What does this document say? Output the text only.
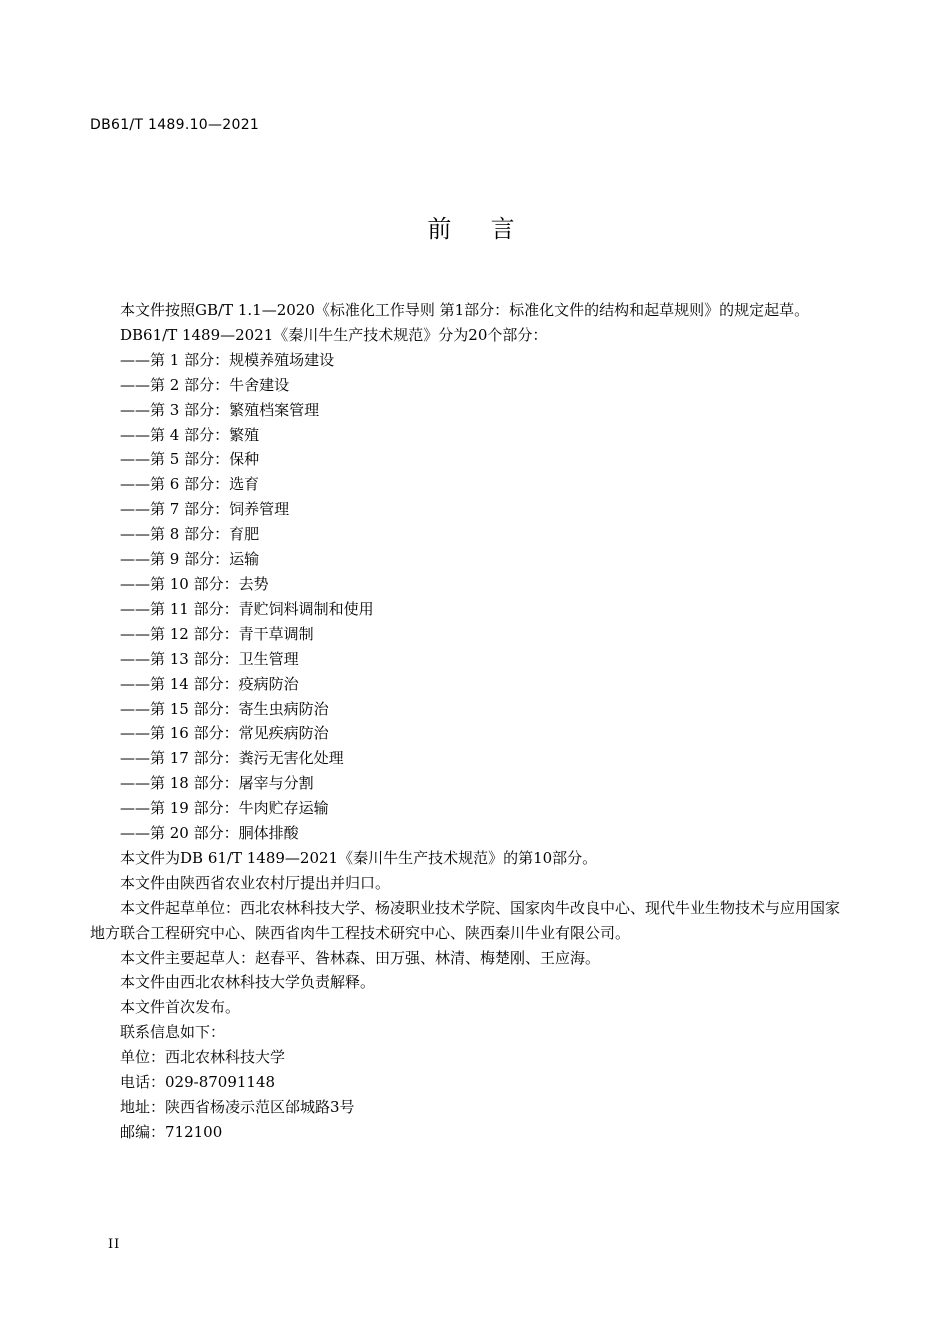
DB61/T 1489.10—2021
前  言

本文件按照GB/T 1.1—2020《标准化工作导则 第1部分：标准化文件的结构和起草规则》的规定起草。

DB61/T 1489—2021《秦川牛生产技术规范》分为20个部分：

——第 1 部分：规模养殖场建设
——第 2 部分：牛舍建设
——第 3 部分：繁殖档案管理
——第 4 部分：繁殖
——第 5 部分：保种
——第 6 部分：选育
——第 7 部分：饲养管理
——第 8 部分：育肥
——第 9 部分：运输
——第 10 部分：去势
——第 11 部分：青贮饲料调制和使用
——第 12 部分：青干草调制
——第 13 部分：卫生管理
——第 14 部分：疫病防治
——第 15 部分：寄生虫病防治
——第 16 部分：常见疾病防治
——第 17 部分：粪污无害化处理
——第 18 部分：屠宰与分割
——第 19 部分：牛肉贮存运输
——第 20 部分：胴体排酸

本文件为DB 61/T 1489—2021《秦川牛生产技术规范》的第10部分。

本文件由陕西省农业农村厅提出并归口。

本文件起草单位：西北农林科技大学、杨凌职业技术学院、国家肉牛改良中心、现代牛业生物技术与应用国家地方联合工程研究中心、陕西省肉牛工程技术研究中心、陕西秦川牛业有限公司。

本文件主要起草人：赵春平、昝林森、田万强、林清、梅楚刚、王应海。

本文件由西北农林科技大学负责解释。

本文件首次发布。

联系信息如下：

单位：西北农林科技大学

电话：029-87091148

地址：陕西省杨凌示范区邰城路3号

邮编：712100

II
